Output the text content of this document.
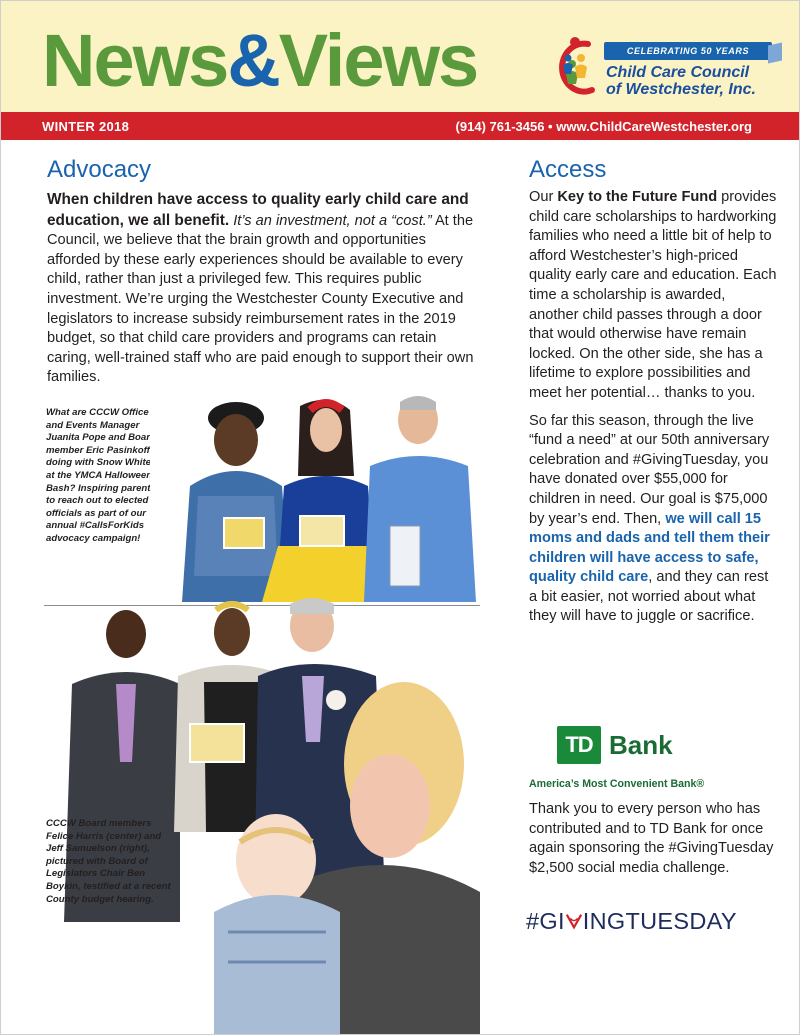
News&Views	CELEBRATING 50 YEARS
Child Care Council
of Westchester, Inc.
WINTER 2018	(914) 761-3456 • www.ChildCareWestchester.org
Advocacy

When children have access to quality early child care and education, we all benefit. It’s an investment, not a “cost.” At the Council, we believe that the brain growth and opportunities afforded by these early experiences should be available to every child, rather than just a privileged few. This requires public investment. We’re urging the Westchester County Executive and legislators to increase subsidy reimbursement rates in the 2019 budget, so that child care providers and programs can retain caring, well-trained staff who are paid enough to support their own families.

What are CCCW Office and Events Manager Juanita Pope and Board member Eric Pasinkoff doing with Snow White at the YMCA Halloween Bash? Inspiring parents to reach out to elected officials as part of our annual #CallsForKids advocacy campaign!
CCCW Board members Felice Harris (center) and Jeff Samuelson (right), pictured with Board of Legislators Chair Ben Boykin, testified at a recent County budget hearing.
Access

Our Key to the Future Fund provides child care scholarships to hardworking families who need a little bit of help to afford Westchester’s high-priced quality early care and education. Each time a scholarship is awarded, another child passes through a door that would otherwise have remain locked. On the other side, she has a lifetime to explore possibilities and meet her potential… thanks to you.

So far this season, through the live “fund a need” at our 50th anniversary celebration and #GivingTuesday, you have donated over $55,000 for children in need. Our goal is $75,000 by year’s end. Then, we will call 15 moms and dads and tell them their children will have access to safe, quality child care, and they can rest a bit easier, not worried about what they will have to juggle or sacrifice.

TD Bank
America’s Most Convenient Bank®

Thank you to every person who has contributed and to TD Bank for once again sponsoring the #GivingTuesday $2,500 social media challenge.

#GI INGTUESDAY
